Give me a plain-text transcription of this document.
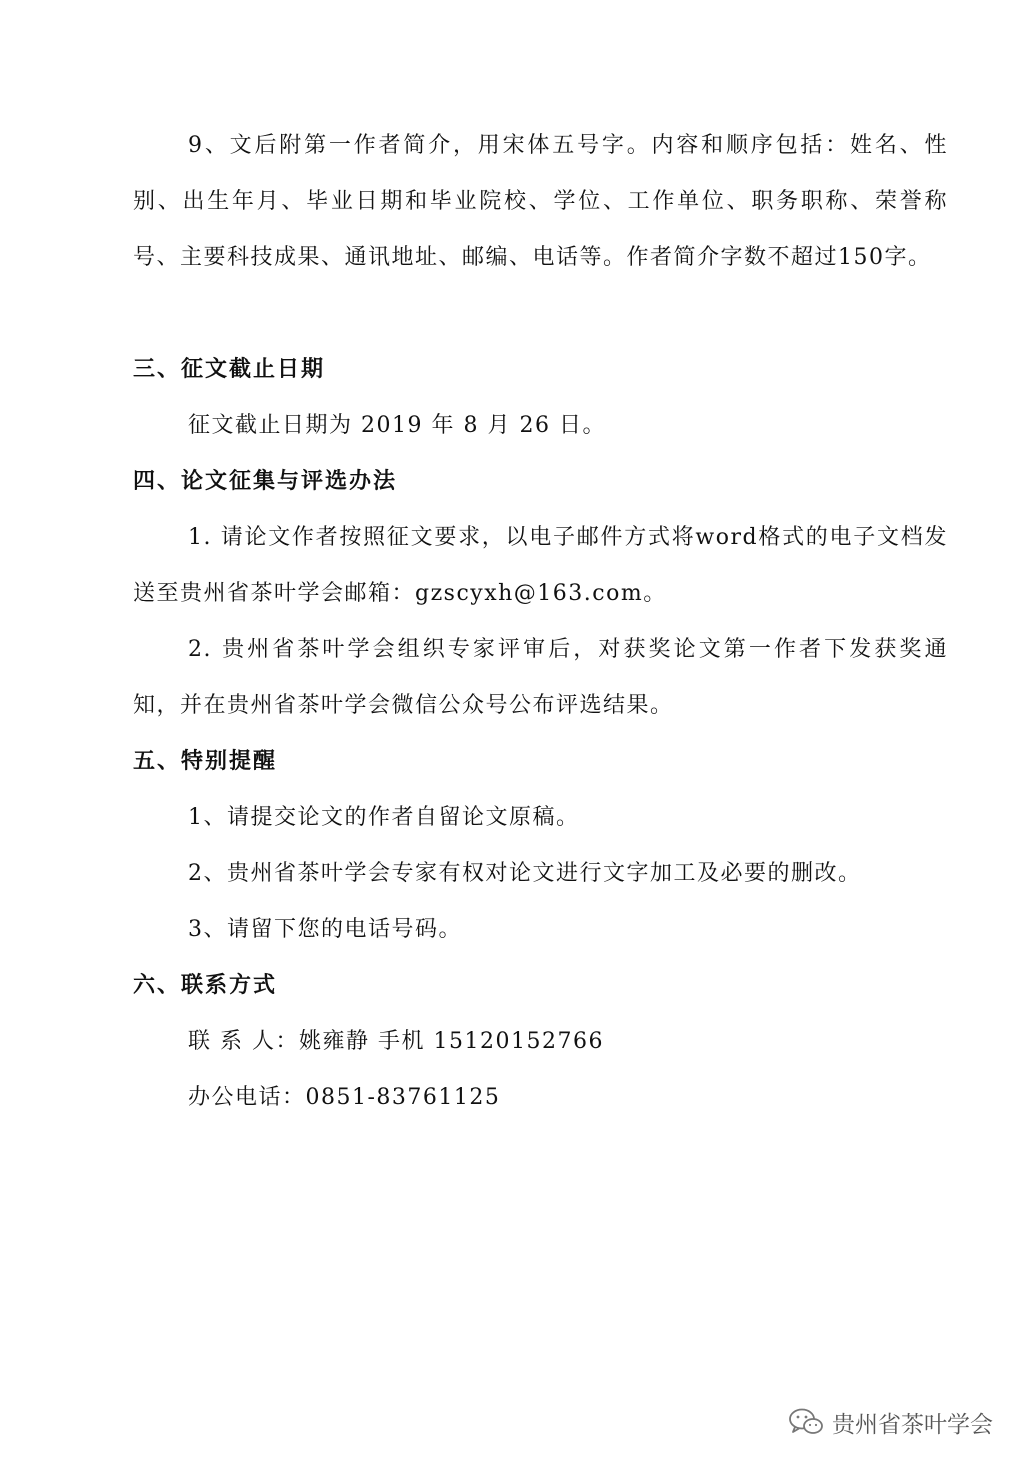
9、文后附第一作者简介，用宋体五号字。内容和顺序包括：姓名、性别、出生年月、毕业日期和毕业院校、学位、工作单位、职务职称、荣誉称号、主要科技成果、通讯地址、邮编、电话等。作者简介字数不超过150字。

三、征文截止日期

征文截止日期为 2019 年 8 月 26 日。

四、论文征集与评选办法

1. 请论文作者按照征文要求，以电子邮件方式将word格式的电子文档发送至贵州省茶叶学会邮箱：gzscyxh@163.com。

2. 贵州省茶叶学会组织专家评审后，对获奖论文第一作者下发获奖通知，并在贵州省茶叶学会微信公众号公布评选结果。

五、特别提醒

1、请提交论文的作者自留论文原稿。

2、贵州省茶叶学会专家有权对论文进行文字加工及必要的删改。

3、请留下您的电话号码。

六、联系方式

联 系 人：姚雍静 手机 15120152766

办公电话：0851-83761125

贵州省茶叶学会
